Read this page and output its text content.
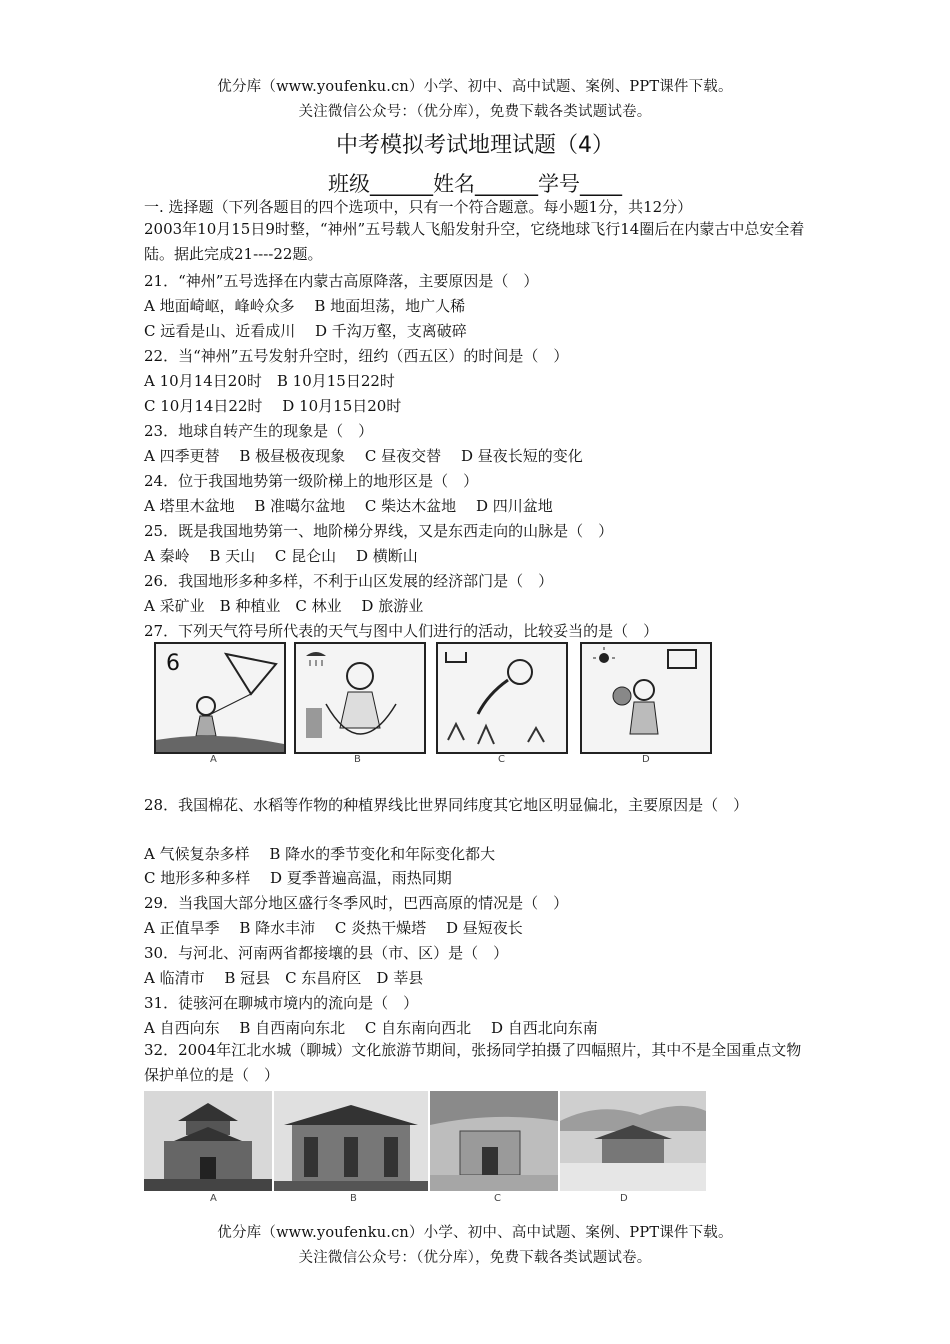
优分库（www.youfenku.cn）小学、初中、高中试题、案例、PPT课件下载。
关注微信公众号：（优分库），免费下载各类试题试卷。
中考模拟考试地理试题（4）
班级______姓名______学号____
一. 选择题（下列各题目的四个选项中，只有一个符合题意。每小题1分，共12分）
2003年10月15日9时整，“神州”五号载人飞船发射升空，它绕地球飞行14圈后在内蒙古中总安全着陆。据此完成21----22题。
21．“神州”五号选择在内蒙古高原降落，主要原因是（　）
A 地面崎岖，峰岭众多　 B 地面坦荡，地广人稀
C 远看是山、近看成川　 D 千沟万壑，支离破碎
22．当“神州”五号发射升空时，纽约（西五区）的时间是（　）
A 10月14日20时　B 10月15日22时
C 10月14日22时　 D 10月15日20时
23．地球自转产生的现象是（　）
A 四季更替　 B 极昼极夜现象　 C 昼夜交替　 D 昼夜长短的变化
24．位于我国地势第一级阶梯上的地形区是（　）
A 塔里木盆地　 B 准噶尔盆地　 C 柴达木盆地　 D 四川盆地
25．既是我国地势第一、地阶梯分界线，又是东西走向的山脉是（　）
A 秦岭　 B 天山　 C 昆仑山　 D 横断山
26．我国地形多种多样，不利于山区发展的经济部门是（　）
A 采矿业　B 种植业　C 林业　 D 旅游业
27．下列天气符号所代表的天气与图中人们进行的活动，比较妥当的是（　）
6
A	B	C	D
28．我国棉花、水稻等作物的种植界线比世界同纬度其它地区明显偏北，主要原因是（　）
A 气候复杂多样　 B 降水的季节变化和年际变化都大
C 地形多种多样　 D 夏季普遍高温，雨热同期
29．当我国大部分地区盛行冬季风时，巴西高原的情况是（　）
A 正值旱季　 B 降水丰沛　 C 炎热干燥塔　 D 昼短夜长
30．与河北、河南两省都接壤的县（市、区）是（　）
A 临清市　 B 冠县　C 东昌府区　D 莘县
31．徒骇河在聊城市境内的流向是（　）
A 自西向东　 B 自西南向东北　 C 自东南向西北　 D 自西北向东南
32．2004年江北水城（聊城）文化旅游节期间，张扬同学拍摄了四幅照片，其中不是全国重点文物保护单位的是（　）
A	B	C	D
优分库（www.youfenku.cn）小学、初中、高中试题、案例、PPT课件下载。
关注微信公众号：（优分库），免费下载各类试题试卷。
